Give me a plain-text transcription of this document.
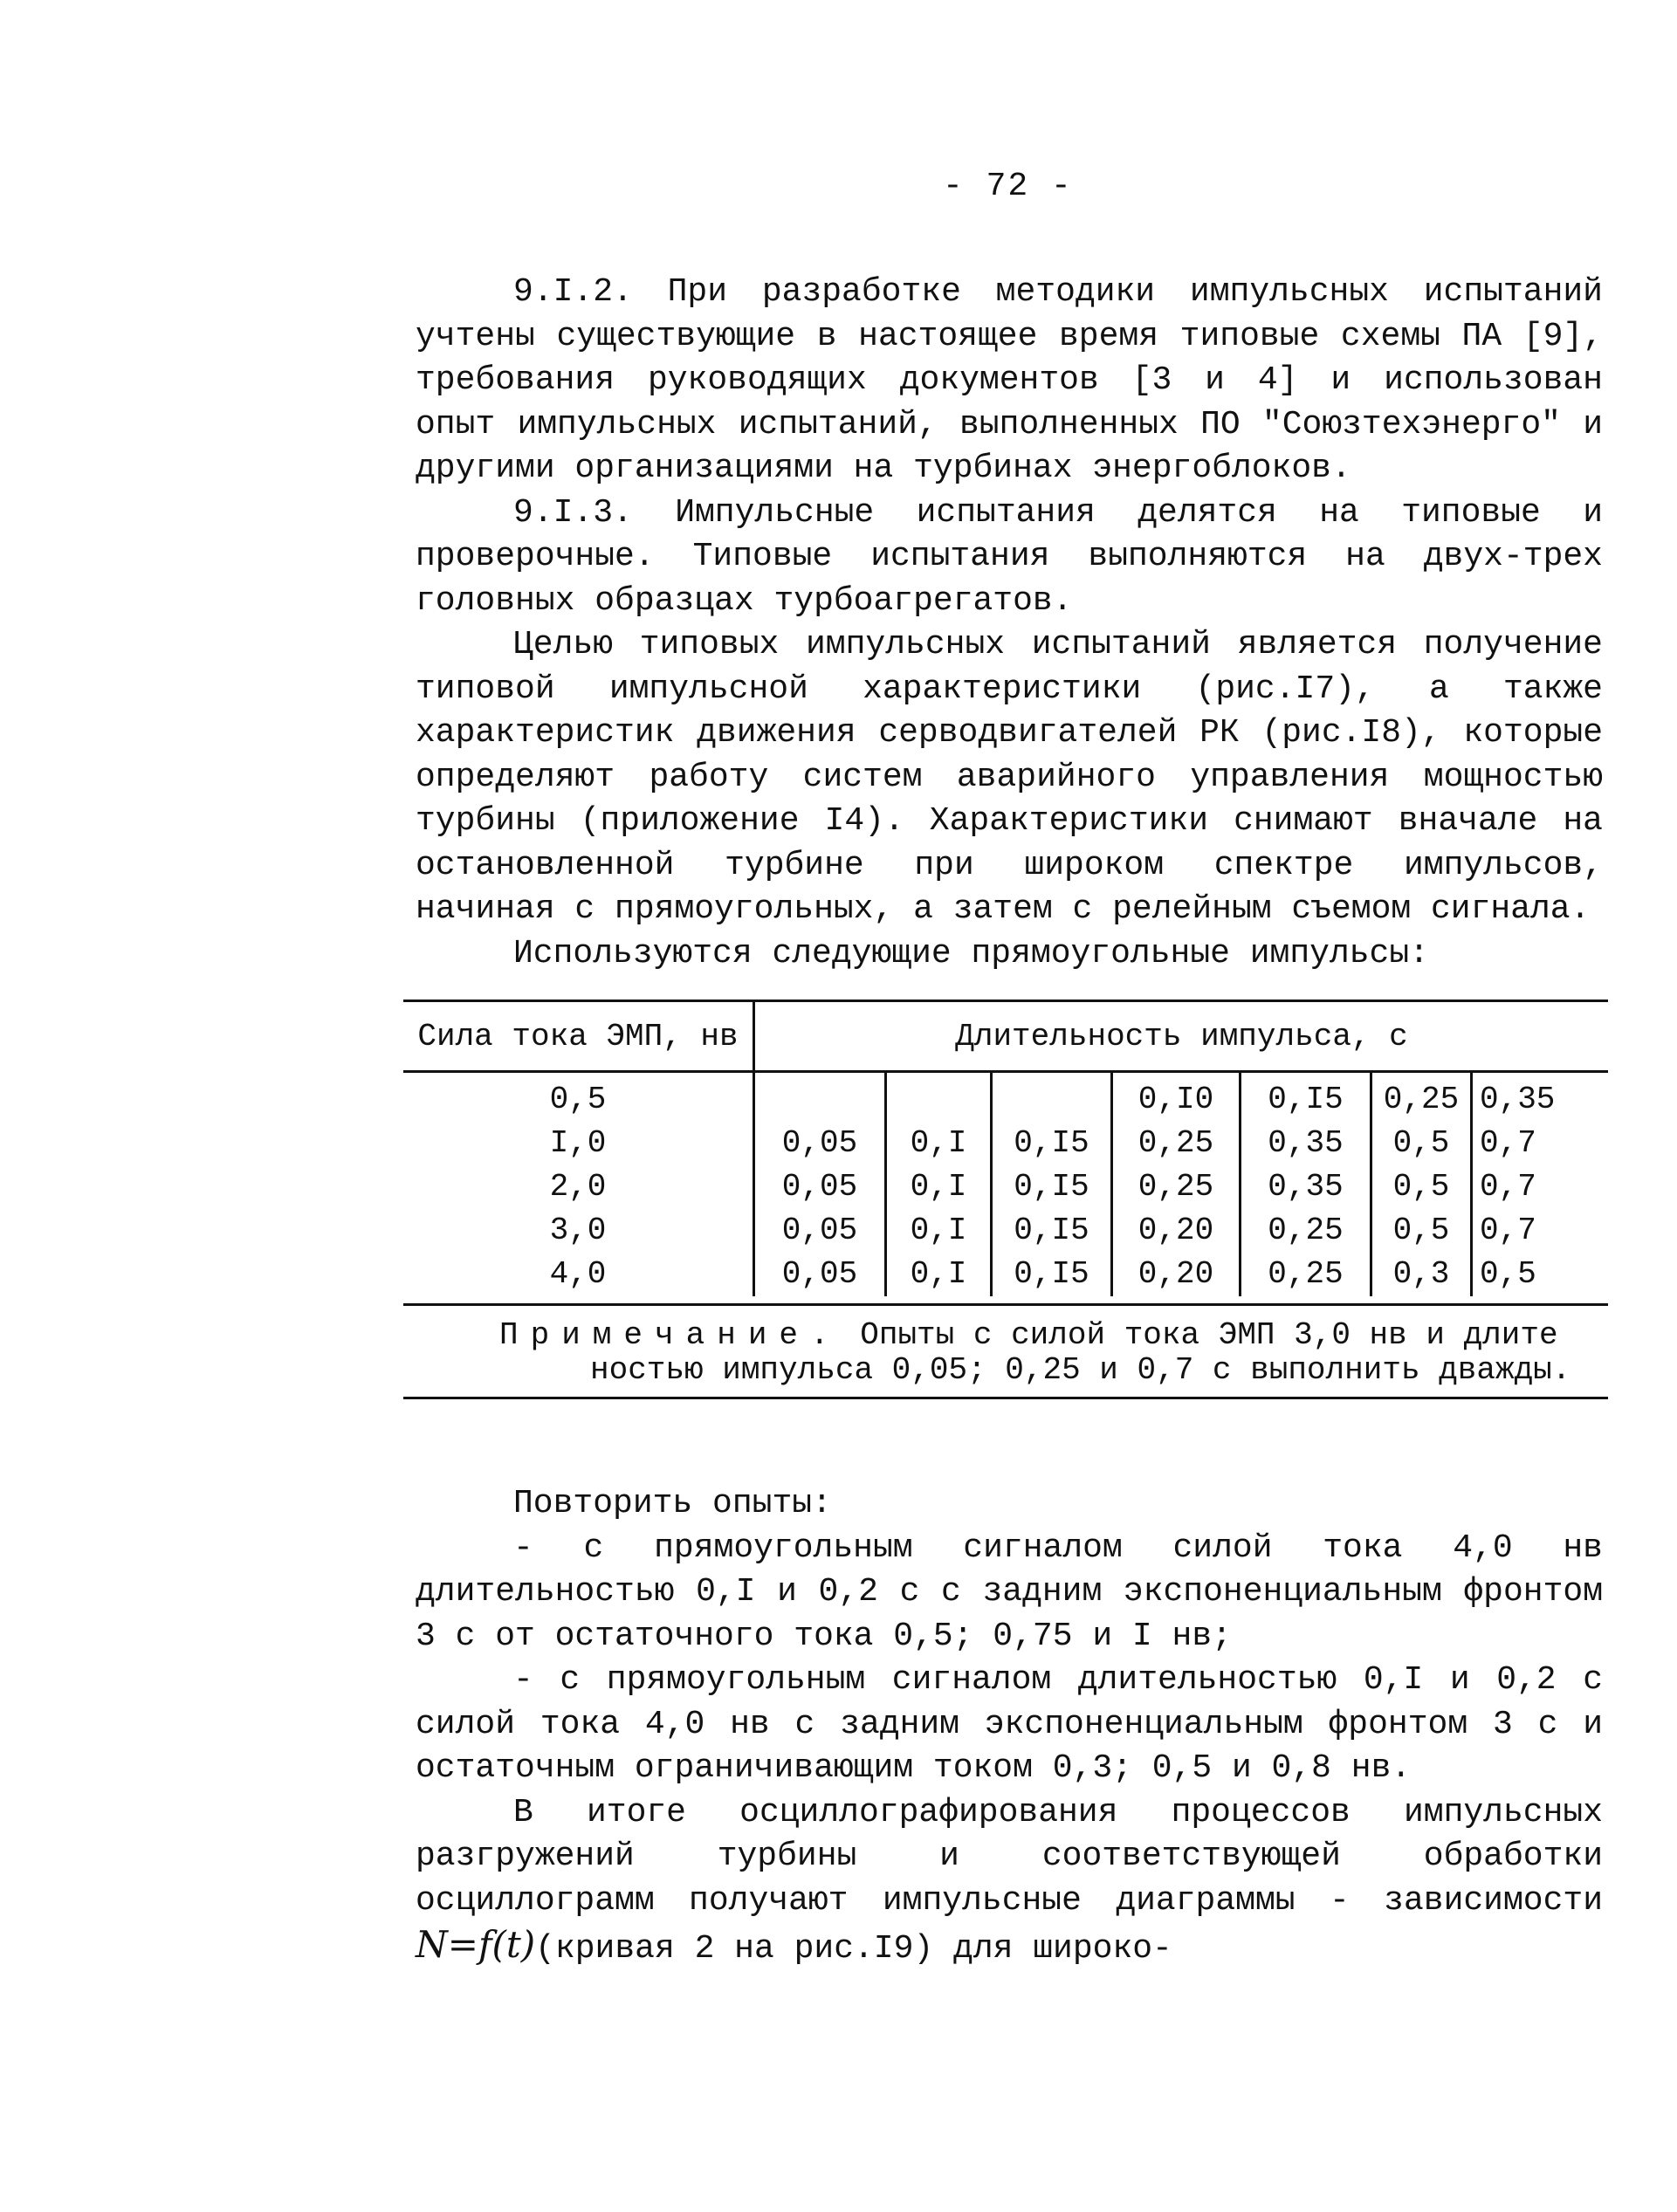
- 72 -

9.I.2. При разработке методики импульсных испытаний учтены существующие в настоящее время типовые схемы ПА [9], требования руководящих документов [3 и 4] и использован опыт импульсных испытаний, выполненных ПО "Союзтехэнерго" и другими организациями на турбинах энергоблоков.

9.I.3. Импульсные испытания делятся на типовые и проверочные. Типовые испытания выполняются на двух-трех головных образцах турбоагрегатов.

Целью типовых импульсных испытаний является получение типовой импульсной характеристики (рис.I7), а также характеристик движения серводвигателей РК (рис.I8), которые определяют работу систем аварийного управления мощностью турбины (приложение I4). Характеристики снимают вначале на остановленной турбине при широком спектре импульсов, начиная с прямоугольных, а затем с релейным съемом сигнала.

Используются следующие прямоугольные импульсы:

Сила тока ЭМП, нв	Длительность импульса, с
0,5
I,0
2,0
3,0
4,0
0,05
0,05
0,05
0,05
0,I
0,I
0,I
0,I
0,I5
0,I5
0,I5
0,I5
0,I0
0,25
0,25
0,20
0,20
0,I5
0,35
0,35
0,25
0,25
0,25
0,5
0,5
0,5
0,3
0,35
0,7
0,7
0,7
0,5
Примечание. Опыты с силой тока ЭМП 3,0 нв и длите
ностью импульса 0,05; 0,25 и 0,7 с выполнить дважды.

Повторить опыты:

- с прямоугольным сигналом силой тока 4,0 нв длительностью 0,I и 0,2 с с задним экспоненциальным фронтом 3 с от остаточного тока 0,5; 0,75 и I нв;

- с прямоугольным сигналом длительностью 0,I и 0,2 с силой тока 4,0 нв с задним экспоненциальным фронтом 3 с и остаточным ограничивающим током 0,3; 0,5 и 0,8 нв.

В итоге осциллографирования процессов импульсных разгружений турбины и соответствующей обработки осциллограмм получают импульсные диаграммы - зависимости N=f(t)(кривая 2 на рис.I9) для широко-
